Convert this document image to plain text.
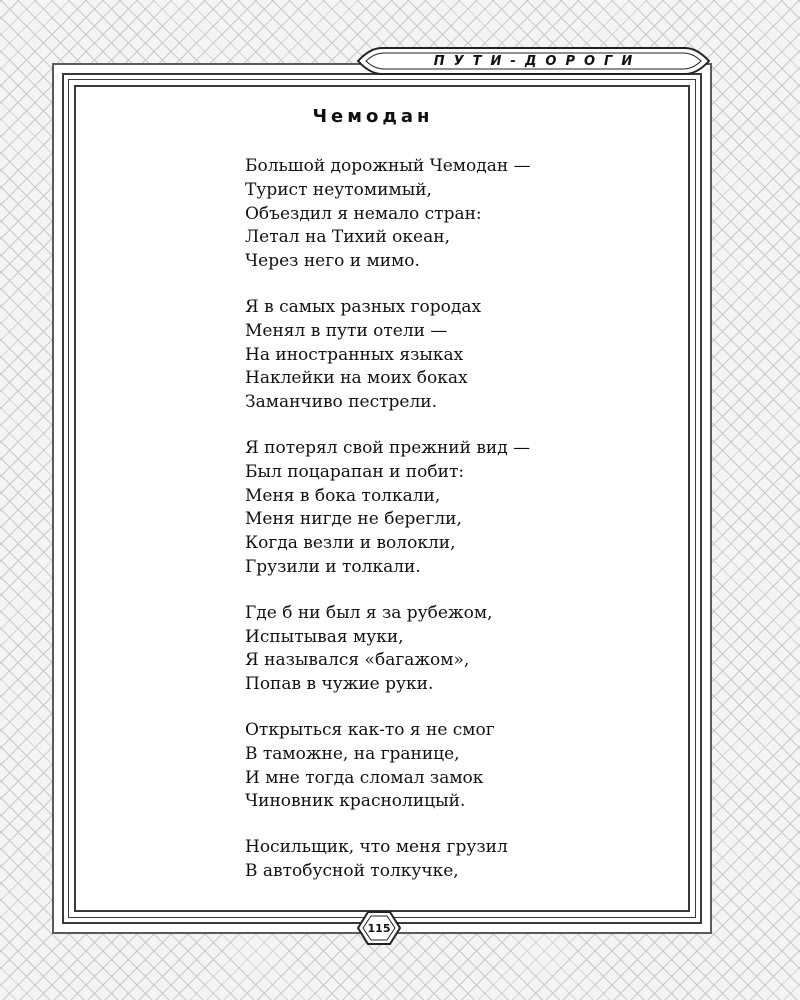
ПУТИ-ДОРОГИ
Чемодан
Большой дорожный Чемодан —
Турист неутомимый,
Объездил я немало стран:
Летал на Тихий океан,
Через него и мимо.
Я в самых разных городах
Менял в пути отели —
На иностранных языках
Наклейки на моих боках
Заманчиво пестрели.
Я потерял свой прежний вид —
Был поцарапан и побит:
Меня в бока толкали,
Меня нигде не берегли,
Когда везли и волокли,
Грузили и толкали.
Где б ни был я за рубежом,
Испытывая муки,
Я назывался «багажом»,
Попав в чужие руки.
Открыться как-то я не смог
В таможне, на границе,
И мне тогда сломал замок
Чиновник краснолицый.
Носильщик, что меня грузил
В автобусной толкучке,
115
